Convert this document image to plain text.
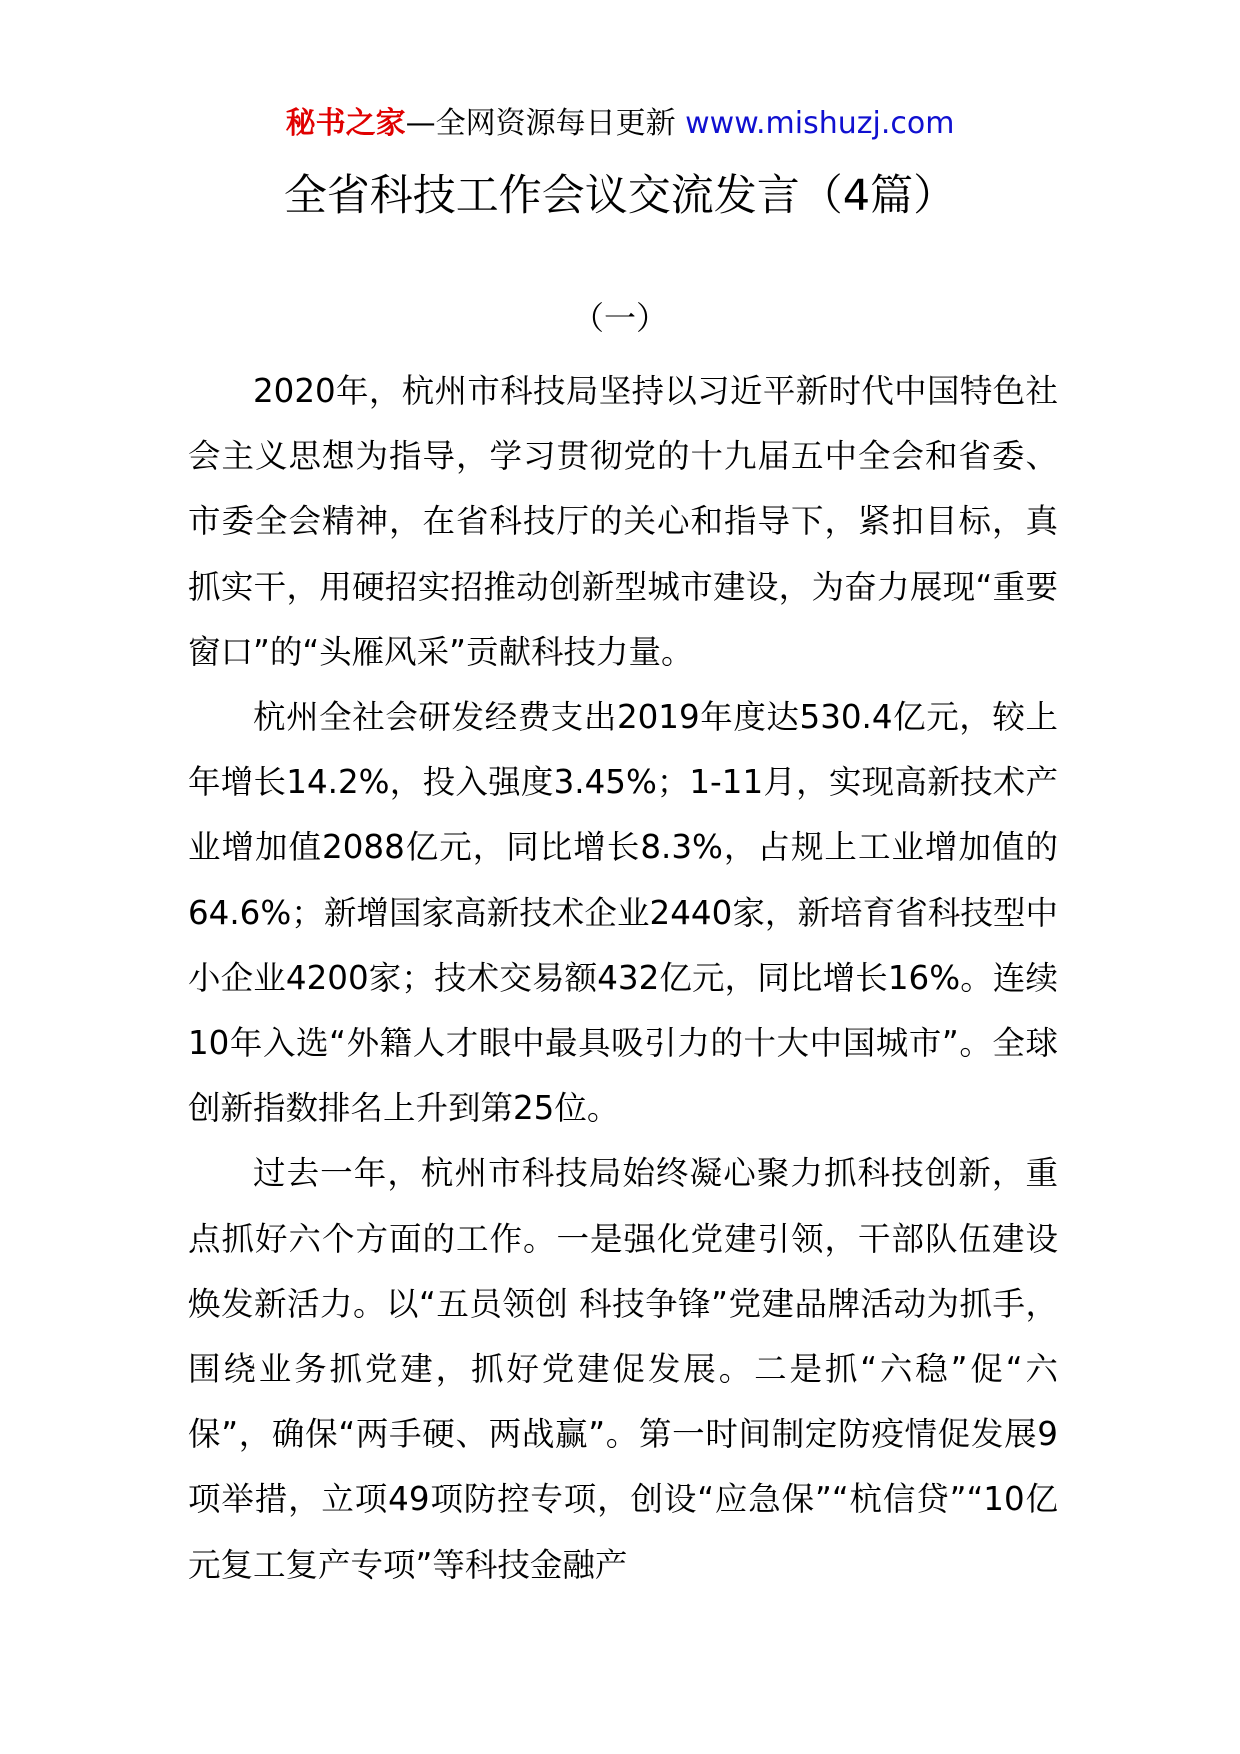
秘书之家—全网资源每日更新 www.mishuzj.com
全省科技工作会议交流发言（4篇）
（一）

2020年，杭州市科技局坚持以习近平新时代中国特色社会主义思想为指导，学习贯彻党的十九届五中全会和省委、市委全会精神，在省科技厅的关心和指导下，紧扣目标，真抓实干，用硬招实招推动创新型城市建设，为奋力展现“重要窗口”的“头雁风采”贡献科技力量。

杭州全社会研发经费支出2019年度达530.4亿元，较上年增长14.2%，投入强度3.45%；1-11月，实现高新技术产业增加值2088亿元，同比增长8.3%，占规上工业增加值的64.6%；新增国家高新技术企业2440家，新培育省科技型中小企业4200家；技术交易额432亿元，同比增长16%。连续10年入选“外籍人才眼中最具吸引力的十大中国城市”。全球创新指数排名上升到第25位。

过去一年，杭州市科技局始终凝心聚力抓科技创新，重点抓好六个方面的工作。一是强化党建引领，干部队伍建设焕发新活力。以“五员领创 科技争锋”党建品牌活动为抓手，围绕业务抓党建，抓好党建促发展。二是抓“六稳”促“六保”，确保“两手硬、两战赢”。第一时间制定防疫情促发展9项举措，立项49项防控专项，创设“应急保”“杭信贷”“10亿元复工复产专项”等科技金融产
